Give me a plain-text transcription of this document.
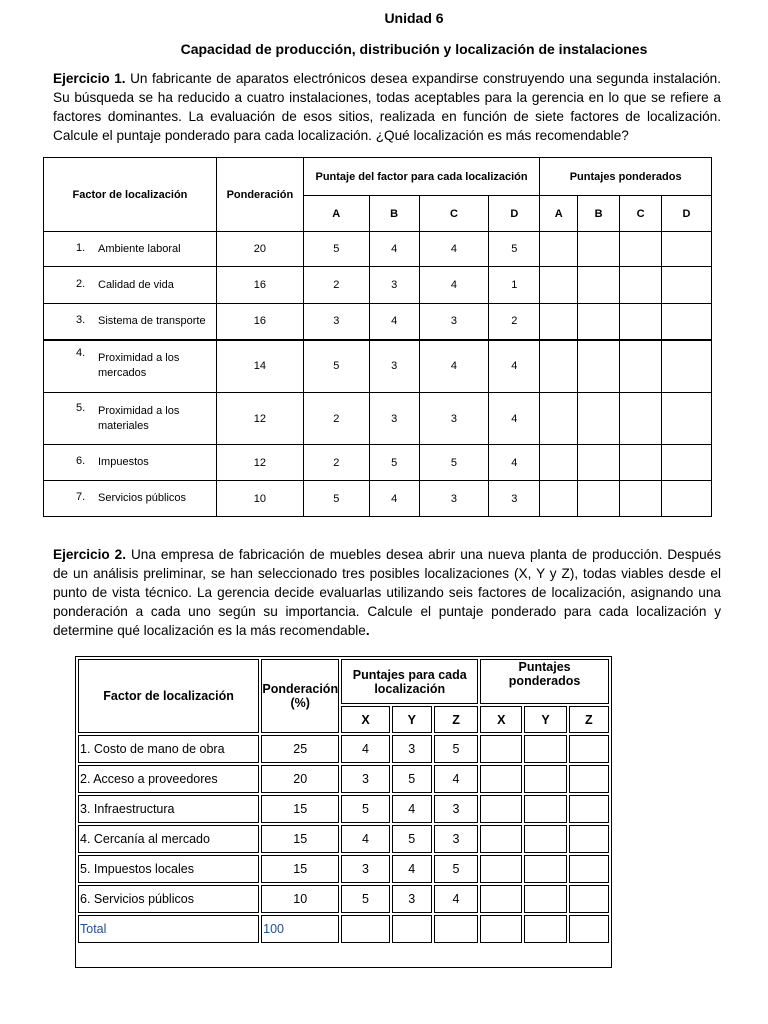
Unidad 6
Capacidad de producción, distribución y localización de instalaciones
Ejercicio 1. Un fabricante de aparatos electrónicos desea expandirse construyendo una segunda instalación. Su búsqueda se ha reducido a cuatro instalaciones, todas aceptables para la gerencia en lo que se refiere a factores dominantes. La evaluación de esos sitios, realizada en función de siete factores de localización. Calcule el puntaje ponderado para cada localización. ¿Qué localización es más recomendable?
Factor de localización	Ponderación	Puntaje del factor para cada localización				Puntajes ponderados			
		A	B	C	D	A	B	C	D

1. Ambiente laboral	20	5	4	4	5				

2. Calidad de vida	16	2	3	4	1				

3. Sistema de transporte	16	3	4	3	2				

4. Proximidad a los mercados	14	5	3	4	4				

5. Proximidad a los materiales	12	2	3	3	4				

6. Impuestos	12	2	5	5	4				

7. Servicios públicos	10	5	4	3	3				
Ejercicio 2. Una empresa de fabricación de muebles desea abrir una nueva planta de producción. Después de un análisis preliminar, se han seleccionado tres posibles localizaciones (X, Y y Z), todas viables desde el punto de vista técnico. La gerencia decide evaluarlas utilizando seis factores de localización, asignando una ponderación a cada uno según su importancia. Calcule el puntaje ponderado para cada localización y determine qué localización es la más recomendable.
Factor de localización	Ponderación (%)	Puntajes para cada localización			Puntajes ponderados		
		X	Y	Z	X	Y	Z
1. Costo de mano de obra	25	4	3	5			
2. Acceso a proveedores	20	3	5	4			
3. Infraestructura	15	5	4	3			
4. Cercanía al mercado	15	4	5	3			
5. Impuestos locales	15	3	4	5			
6. Servicios públicos	10	5	3	4			
Total	100						
